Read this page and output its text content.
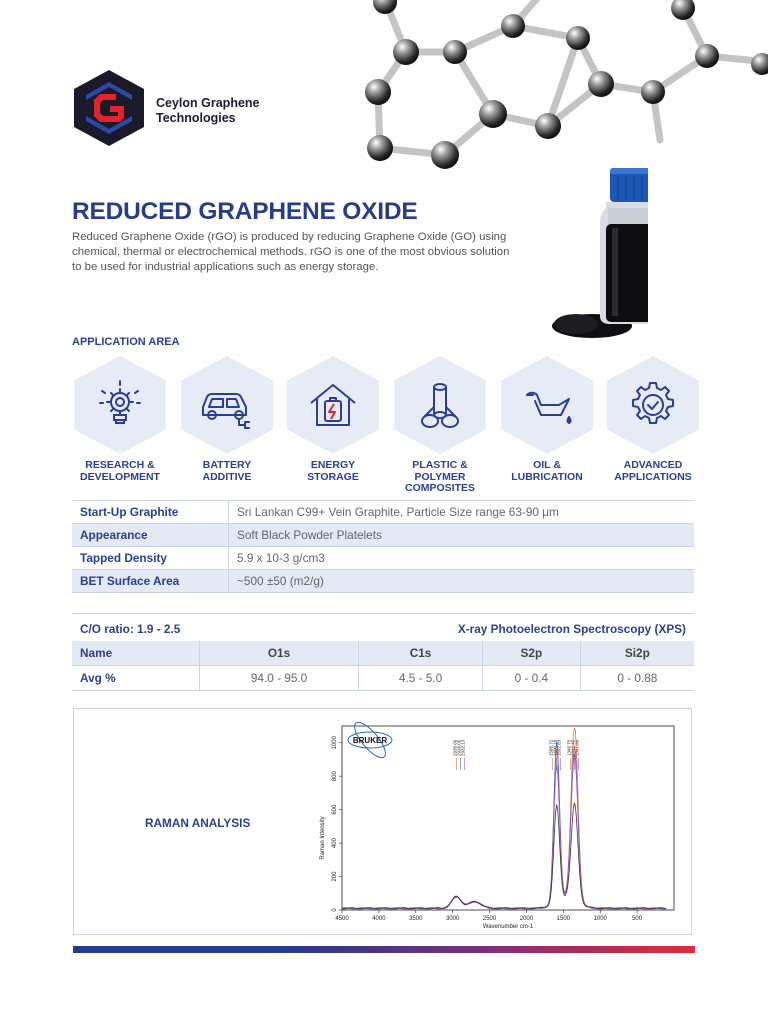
Ceylon Graphene
Technologies
REDUCED GRAPHENE OXIDE
Reduced Graphene Oxide (rGO) is produced by reducing Graphene Oxide (GO) using chemical, thermal or electrochemical methods. rGO is one of the most obvious solution to be used for industrial applications such as energy storage.
APPLICATION AREA
RESEARCH &
DEVELOPMENT
BATTERY
ADDITIVE
ENERGY
STORAGE
PLASTIC & POLYMER
COMPOSITES
OIL &
LUBRICATION
ADVANCED
APPLICATIONS
Start-Up Graphite	Sri Lankan C99+ Vein Graphite, Particle Size range 63-90 μm
Appearance	Soft Black Powder Platelets
Tapped Density	5.9 x 10-3 g/cm3
BET Surface Area	~500 ±50 (m2/g)
C/O ratio: 1.9 - 2.5	X-ray Photoelectron Spectroscopy (XPS)
Name	O1s	C1s	S2p	Si2p
Avg %	94.0 - 95.0	4.5 - 5.0	0 - 0.4	0 - 0.88
RAMAN ANALYSIS
BRUKER
4500	4000	3500	3000	2500	2000	1500	1000	500
0
200
400
600
800
1000
Wavenumber cm-1
Raman Intensity
2938.66 2926.05 2932.13	1588.72 1600.10 1592.83 1346.75 1349.45 1347.86
